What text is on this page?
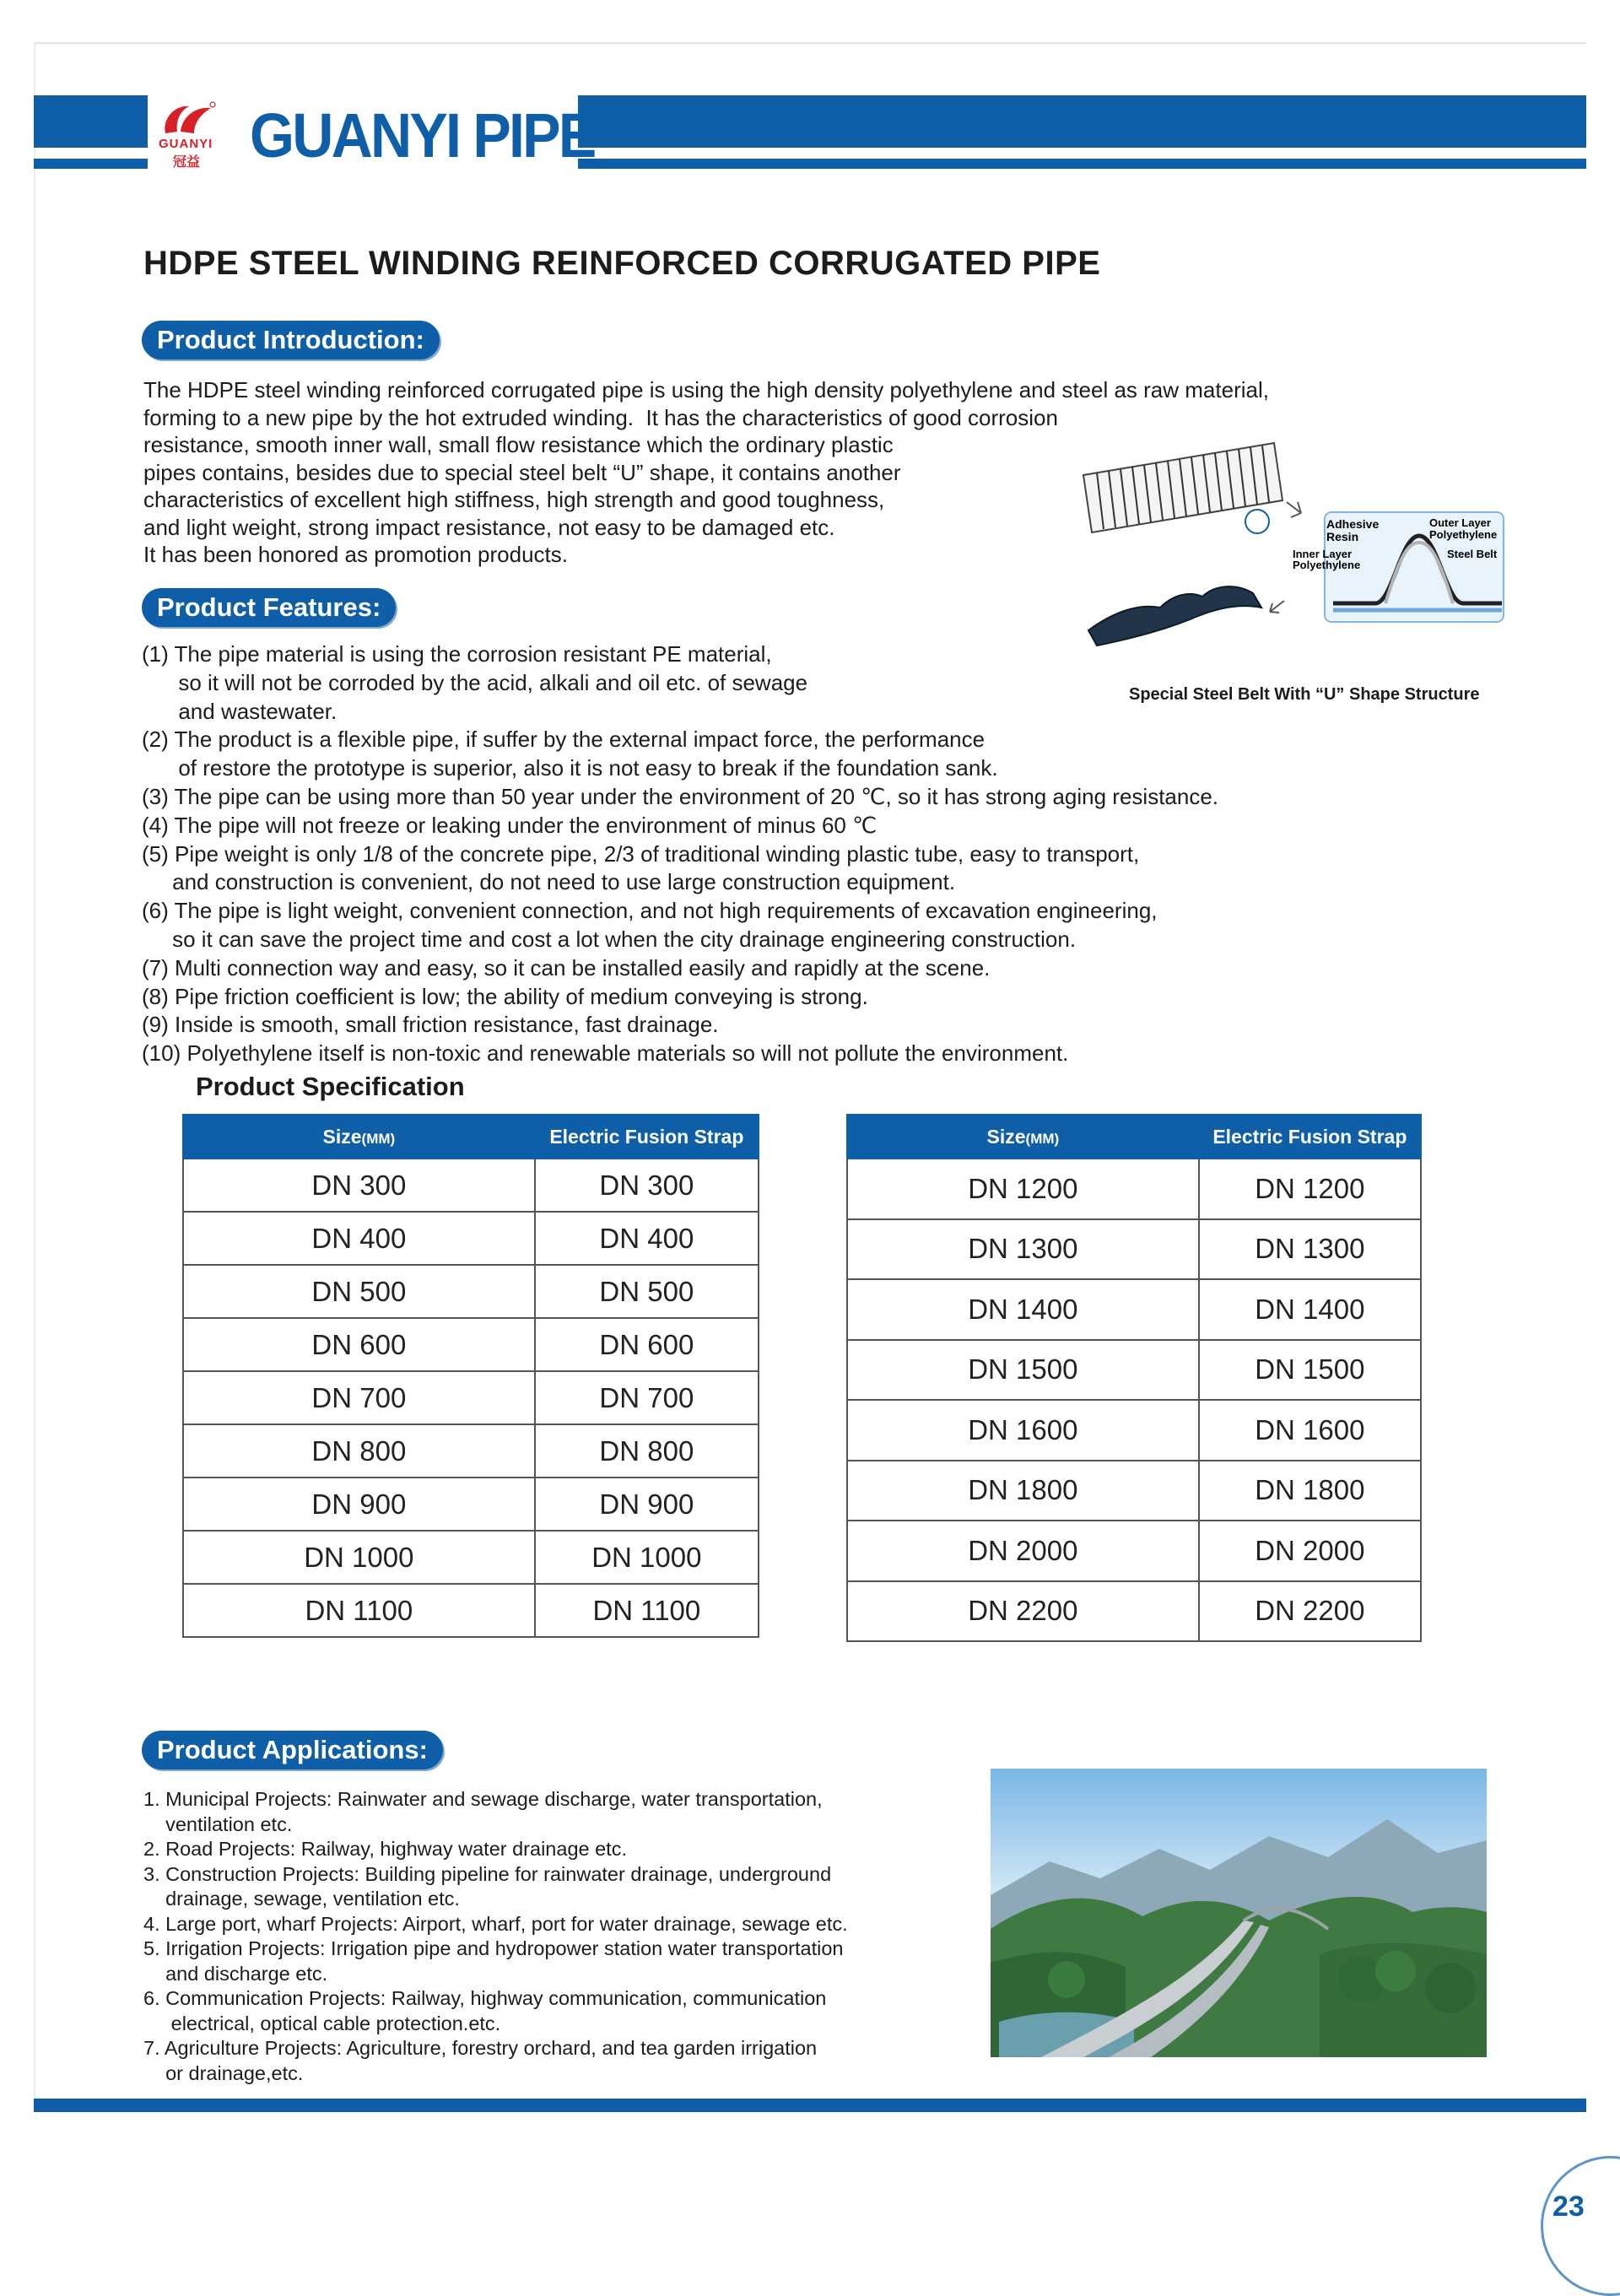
GUANYI
冠益 GUANYI PIPE
HDPE STEEL WINDING REINFORCED CORRUGATED PIPE
Product Introduction:
The HDPE steel winding reinforced corrugated pipe is using the high density polyethylene and steel as raw material,
forming to a new pipe by the hot extruded winding.  It has the characteristics of good corrosion
resistance, smooth inner wall, small flow resistance which the ordinary plastic
pipes contains, besides due to special steel belt “U” shape, it contains another
characteristics of excellent high stiffness, high strength and good toughness,
and light weight, strong impact resistance, not easy to be damaged etc.
It has been honored as promotion products.
Adhesive
Resin
Outer Layer
Polyethylene
Steel Belt
Inner Layer
Polyethylene
Special Steel Belt With “U” Shape Structure
Product Features:
(1) The pipe material is using the corrosion resistant PE material,
so it will not be corroded by the acid, alkali and oil etc. of sewage
and wastewater.
(2) The product is a flexible pipe, if suffer by the external impact force, the performance
of restore the prototype is superior, also it is not easy to break if the foundation sank.
(3) The pipe can be using more than 50 year under the environment of 20 ℃, so it has strong aging resistance.
(4) The pipe will not freeze or leaking under the environment of minus 60 ℃
(5) Pipe weight is only 1/8 of the concrete pipe, 2/3 of traditional winding plastic tube, easy to transport,
and construction is convenient, do not need to use large construction equipment.
(6) The pipe is light weight, convenient connection, and not high requirements of excavation engineering,
so it can save the project time and cost a lot when the city drainage engineering construction.
(7) Multi connection way and easy, so it can be installed easily and rapidly at the scene.
(8) Pipe friction coefficient is low; the ability of medium conveying is strong.
(9) Inside is smooth, small friction resistance, fast drainage.
(10) Polyethylene itself is non-toxic and renewable materials so will not pollute the environment.
Product Specification
Size(MM)	Electric Fusion Strap
DN 300	DN 300
DN 400	DN 400
DN 500	DN 500
DN 600	DN 600
DN 700	DN 700
DN 800	DN 800
DN 900	DN 900
DN 1000	DN 1000
DN 1100	DN 1100
Size(MM)	Electric Fusion Strap
DN 1200	DN 1200
DN 1300	DN 1300
DN 1400	DN 1400
DN 1500	DN 1500
DN 1600	DN 1600
DN 1800	DN 1800
DN 2000	DN 2000
DN 2200	DN 2200
Product Applications:
1. Municipal Projects: Rainwater and sewage discharge, water transportation,
ventilation etc.
2. Road Projects: Railway, highway water drainage etc.
3. Construction Projects: Building pipeline for rainwater drainage, underground
drainage, sewage, ventilation etc.
4. Large port, wharf Projects: Airport, wharf, port for water drainage, sewage etc.
5. Irrigation Projects: Irrigation pipe and hydropower station water transportation
and discharge etc.
6. Communication Projects: Railway, highway communication, communication
electrical, optical cable protection.etc.
7. Agriculture Projects: Agriculture, forestry orchard, and tea garden irrigation
or drainage,etc.
23
